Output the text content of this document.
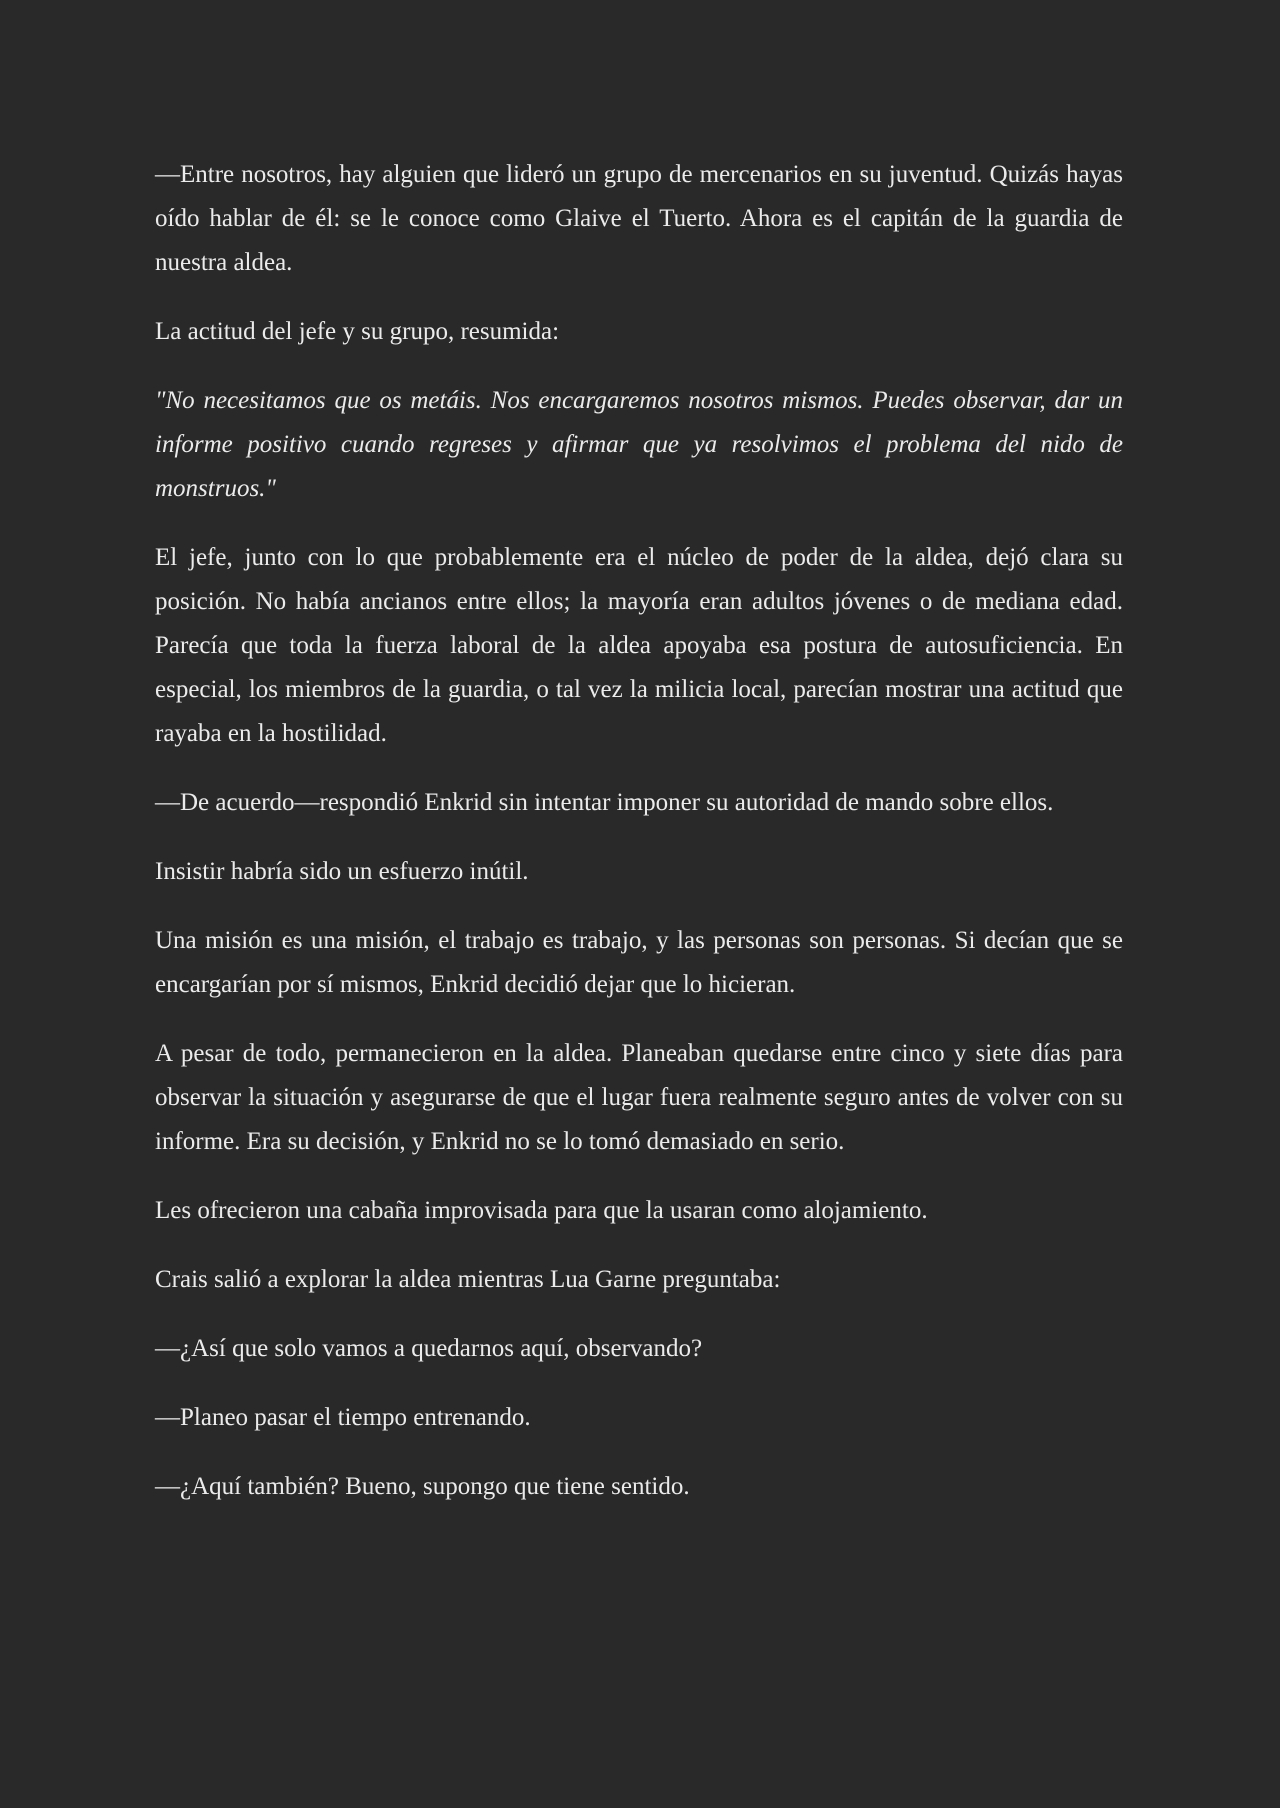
—Entre nosotros, hay alguien que lideró un grupo de mercenarios en su juventud. Quizás hayas oído hablar de él: se le conoce como Glaive el Tuerto. Ahora es el capitán de la guardia de nuestra aldea.

La actitud del jefe y su grupo, resumida:

"No necesitamos que os metáis. Nos encargaremos nosotros mismos. Puedes observar, dar un informe positivo cuando regreses y afirmar que ya resolvimos el problema del nido de monstruos."

El jefe, junto con lo que probablemente era el núcleo de poder de la aldea, dejó clara su posición. No había ancianos entre ellos; la mayoría eran adultos jóvenes o de mediana edad. Parecía que toda la fuerza laboral de la aldea apoyaba esa postura de autosuficiencia. En especial, los miembros de la guardia, o tal vez la milicia local, parecían mostrar una actitud que rayaba en la hostilidad.

—De acuerdo—respondió Enkrid sin intentar imponer su autoridad de mando sobre ellos.

Insistir habría sido un esfuerzo inútil.

Una misión es una misión, el trabajo es trabajo, y las personas son personas. Si decían que se encargarían por sí mismos, Enkrid decidió dejar que lo hicieran.

A pesar de todo, permanecieron en la aldea. Planeaban quedarse entre cinco y siete días para observar la situación y asegurarse de que el lugar fuera realmente seguro antes de volver con su informe. Era su decisión, y Enkrid no se lo tomó demasiado en serio.

Les ofrecieron una cabaña improvisada para que la usaran como alojamiento.

Crais salió a explorar la aldea mientras Lua Garne preguntaba:

—¿Así que solo vamos a quedarnos aquí, observando?

—Planeo pasar el tiempo entrenando.

—¿Aquí también? Bueno, supongo que tiene sentido.
